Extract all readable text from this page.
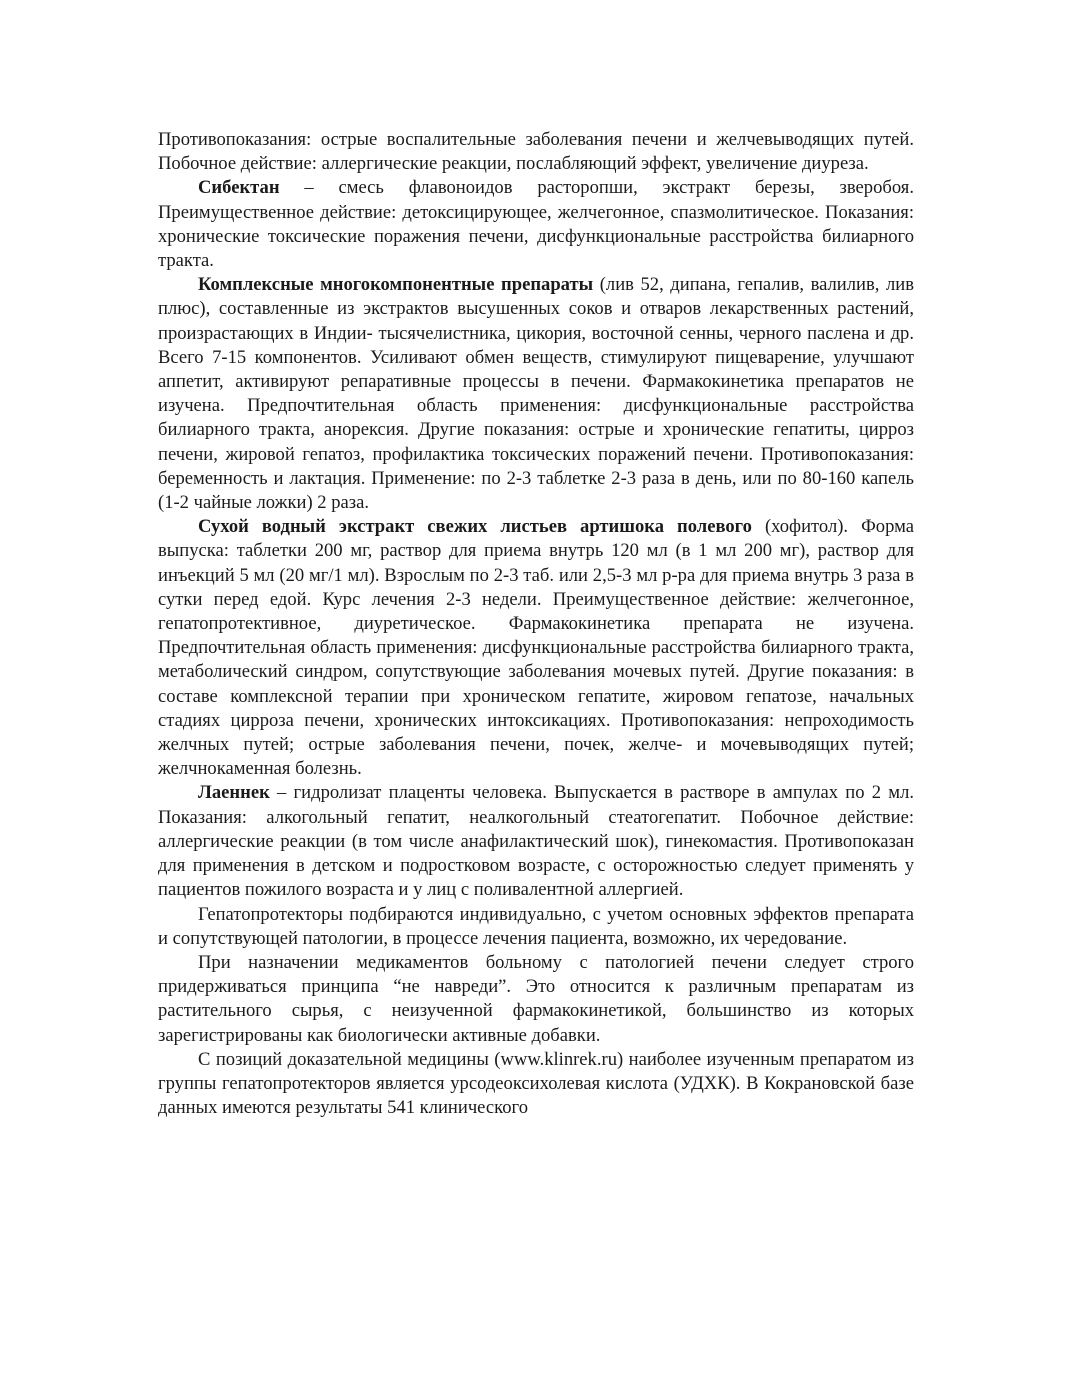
Противопоказания: острые воспалительные заболевания печени и желчевыводящих путей. Побочное действие: аллергические реакции, послабляющий эффект, увеличение диуреза.

Сибектан – смесь флавоноидов расторопши, экстракт березы, зверобоя. Преимущественное действие: детоксицирующее, желчегонное, спазмолитическое. Показания: хронические токсические поражения печени, дисфункциональные расстройства билиарного тракта.

Комплексные многокомпонентные препараты (лив 52, дипана, гепалив, валилив, лив плюс), составленные из экстрактов высушенных соков и отваров лекарственных растений, произрастающих в Индии- тысячелистника, цикория, восточной сенны, черного паслена и др. Всего 7-15 компонентов. Усиливают обмен веществ, стимулируют пищеварение, улучшают аппетит, активируют репаративные процессы в печени. Фармакокинетика препаратов не изучена. Предпочтительная область применения: дисфункциональные расстройства билиарного тракта, анорексия. Другие показания: острые и хронические гепатиты, цирроз печени, жировой гепатоз, профилактика токсических поражений печени. Противопоказания: беременность и лактация. Применение: по 2-3 таблетке 2-3 раза в день, или по 80-160 капель (1-2 чайные ложки) 2 раза.

Сухой водный экстракт свежих листьев артишока полевого (хофитол). Форма выпуска: таблетки 200 мг, раствор для приема внутрь 120 мл (в 1 мл 200 мг), раствор для инъекций 5 мл (20 мг/1 мл). Взрослым по 2-3 таб. или 2,5-3 мл р-ра для приема внутрь 3 раза в сутки перед едой. Курс лечения 2-3 недели. Преимущественное действие: желчегонное, гепатопротективное, диуретическое. Фармакокинетика препарата не изучена. Предпочтительная область применения: дисфункциональные расстройства билиарного тракта, метаболический синдром, сопутствующие заболевания мочевых путей. Другие показания: в составе комплексной терапии при хроническом гепатите, жировом гепатозе, начальных стадиях цирроза печени, хронических интоксикациях. Противопоказания: непроходимость желчных путей; острые заболевания печени, почек, желче- и мочевыводящих путей; желчнокаменная болезнь.

Лаеннек – гидролизат плаценты человека. Выпускается в растворе в ампулах по 2 мл. Показания: алкогольный гепатит, неалкогольный стеатогепатит. Побочное действие: аллергические реакции (в том числе анафилактический шок), гинекомастия. Противопоказан для применения в детском и подростковом возрасте, с осторожностью следует применять у пациентов пожилого возраста и у лиц с поливалентной аллергией.

Гепатопротекторы подбираются индивидуально, с учетом основных эффектов препарата и сопутствующей патологии, в процессе лечения пациента, возможно, их чередование.

При назначении медикаментов больному с патологией печени следует строго придерживаться принципа “не навреди”. Это относится к различным препаратам из растительного сырья, с неизученной фармакокинетикой, большинство из которых зарегистрированы как биологически активные добавки.

С позиций доказательной медицины (www.klinrek.ru) наиболее изученным препаратом из группы гепатопротекторов является урсодеоксихолевая кислота (УДХК). В Кокрановской базе данных имеются результаты 541 клинического
